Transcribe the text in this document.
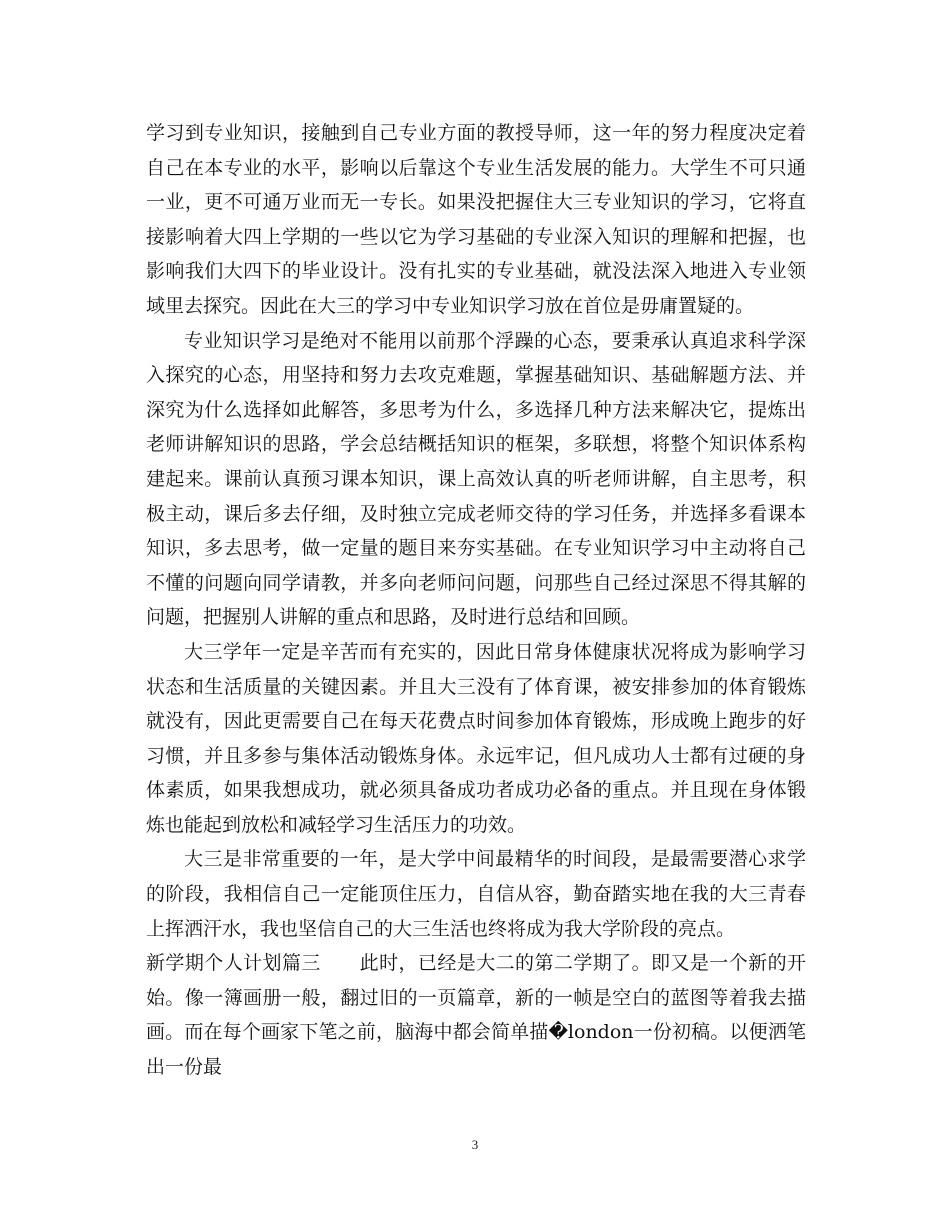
学习到专业知识，接触到自己专业方面的教授导师，这一年的努力程度决定着自己在本专业的水平，影响以后靠这个专业生活发展的能力。大学生不可只通一业，更不可通万业而无一专长。如果没把握住大三专业知识的学习，它将直接影响着大四上学期的一些以它为学习基础的专业深入知识的理解和把握，也影响我们大四下的毕业设计。没有扎实的专业基础，就没法深入地进入专业领域里去探究。因此在大三的学习中专业知识学习放在首位是毋庸置疑的。

专业知识学习是绝对不能用以前那个浮躁的心态，要秉承认真追求科学深入探究的心态，用坚持和努力去攻克难题，掌握基础知识、基础解题方法、并深究为什么选择如此解答，多思考为什么，多选择几种方法来解决它，提炼出老师讲解知识的思路，学会总结概括知识的框架，多联想，将整个知识体系构建起来。课前认真预习课本知识，课上高效认真的听老师讲解，自主思考，积极主动，课后多去仔细，及时独立完成老师交待的学习任务，并选择多看课本知识，多去思考，做一定量的题目来夯实基础。在专业知识学习中主动将自己不懂的问题向同学请教，并多向老师问问题，问那些自己经过深思不得其解的问题，把握别人讲解的重点和思路，及时进行总结和回顾。

大三学年一定是辛苦而有充实的，因此日常身体健康状况将成为影响学习状态和生活质量的关键因素。并且大三没有了体育课，被安排参加的体育锻炼就没有，因此更需要自己在每天花费点时间参加体育锻炼，形成晚上跑步的好习惯，并且多参与集体活动锻炼身体。永远牢记，但凡成功人士都有过硬的身体素质，如果我想成功，就必须具备成功者成功必备的重点。并且现在身体锻炼也能起到放松和减轻学习生活压力的功效。

大三是非常重要的一年，是大学中间最精华的时间段，是最需要潜心求学的阶段，我相信自己一定能顶住压力，自信从容，勤奋踏实地在我的大三青春上挥洒汗水，我也坚信自己的大三生活也终将成为我大学阶段的亮点。

新学期个人计划篇三　　此时，已经是大二的第二学期了。即又是一个新的开始。像一簿画册一般，翻过旧的一页篇章，新的一帧是空白的蓝图等着我去描画。而在每个画家下笔之前，脑海中都会简单描�london一份初稿。以便洒笔出一份最

3
